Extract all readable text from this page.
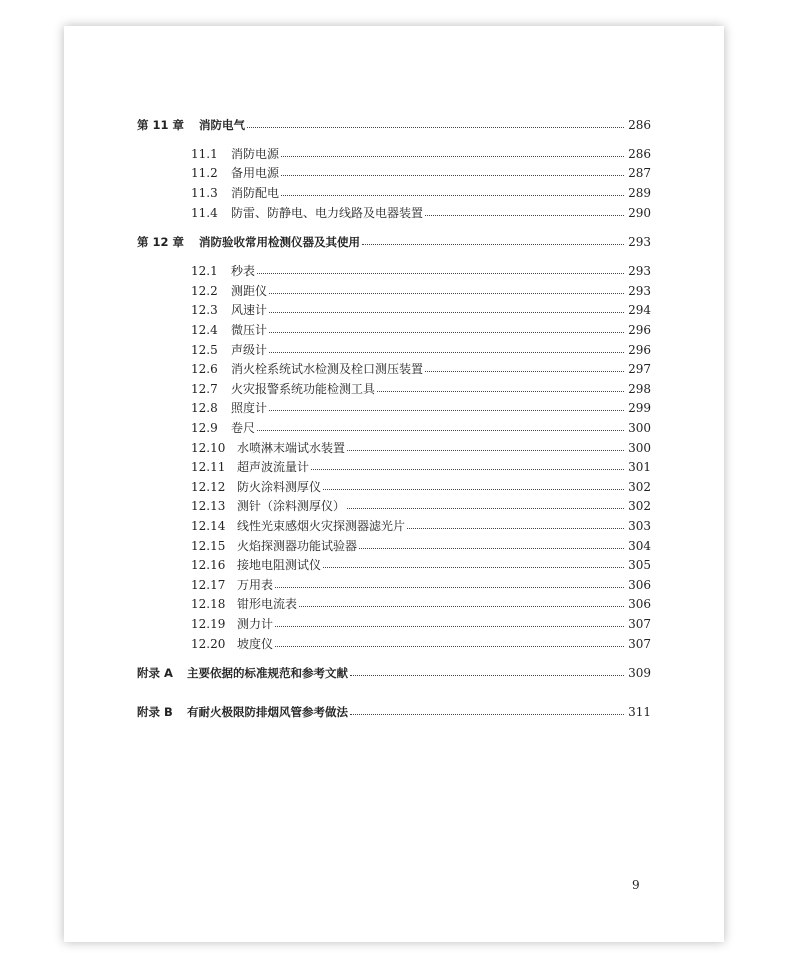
第 11 章	消防电气	286
11.1	消防电源	286
11.2	备用电源	287
11.3	消防配电	289
11.4	防雷、防静电、电力线路及电器装置	290
第 12 章	消防验收常用检测仪器及其使用	293
12.1	秒表	293
12.2	测距仪	293
12.3	风速计	294
12.4	微压计	296
12.5	声级计	296
12.6	消火栓系统试水检测及栓口测压装置	297
12.7	火灾报警系统功能检测工具	298
12.8	照度计	299
12.9	卷尺	300
12.10 水喷淋末端试水装置	300
12.11 超声波流量计	301
12.12 防火涂料测厚仪	302
12.13 测针（涂料测厚仪）	302
12.14 线性光束感烟火灾探测器滤光片	303
12.15 火焰探测器功能试验器	304
12.16 接地电阻测试仪	305
12.17 万用表	306
12.18 钳形电流表	306
12.19 测力计	307
12.20 坡度仪	307
附录 A	主要依据的标准规范和参考文献	309
附录 B	有耐火极限防排烟风管参考做法	311
9
